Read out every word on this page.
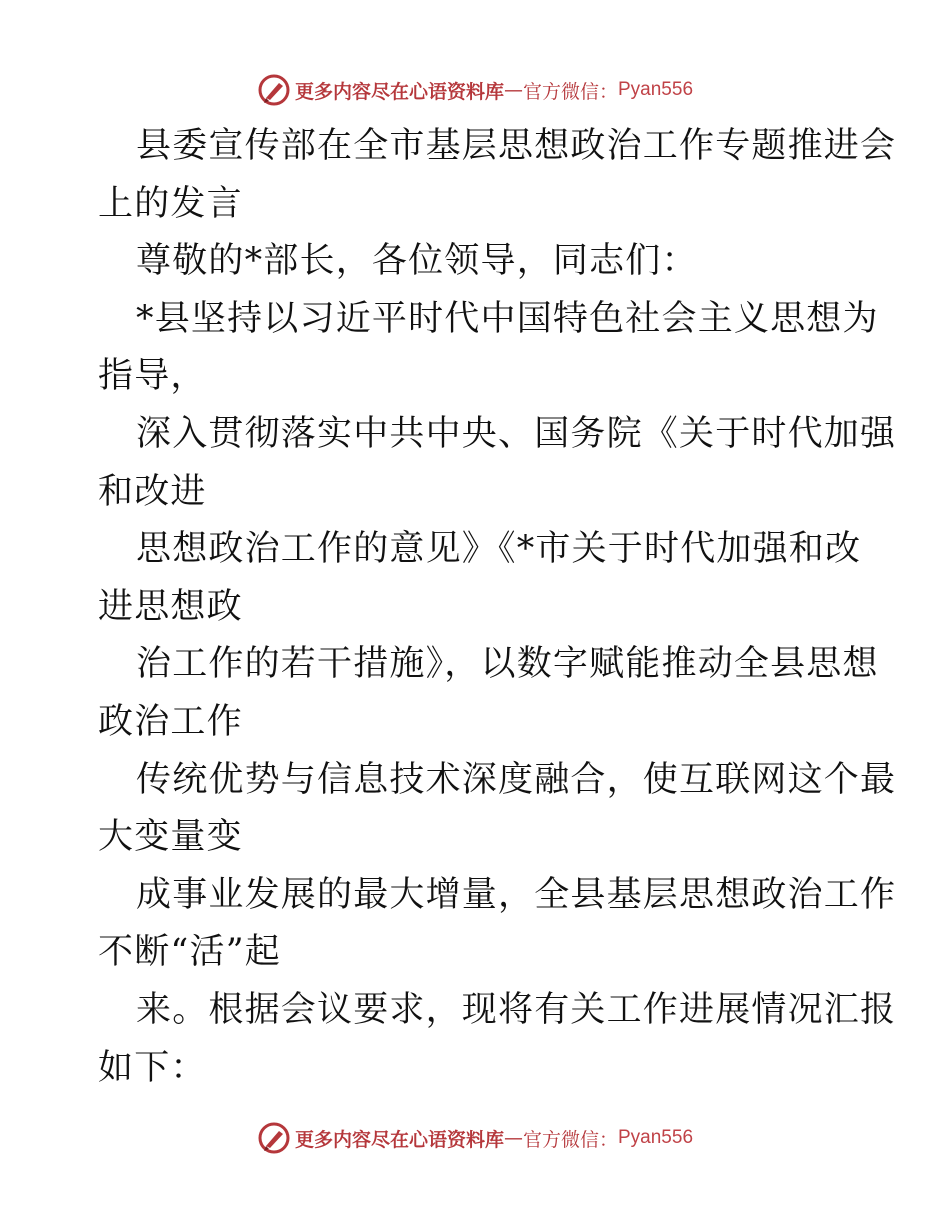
更多内容尽在心语资料库 — 官方微信： Pyan556
县委宣传部在全市基层思想政治工作专题推进会
上的发言
尊敬的*部长，各位领导，同志们：
*县坚持以习近平时代中国特色社会主义思想为
指导，
深入贯彻落实中共中央、国务院《关于时代加强
和改进
思想政治工作的意见》《*市关于时代加强和改
进思想政
治工作的若干措施》，以数字赋能推动全县思想
政治工作
传统优势与信息技术深度融合，使互联网这个最
大变量变
成事业发展的最大增量，全县基层思想政治工作
不断“活”起
来。根据会议要求，现将有关工作进展情况汇报
如下：
更多内容尽在心语资料库 — 官方微信： Pyan556
